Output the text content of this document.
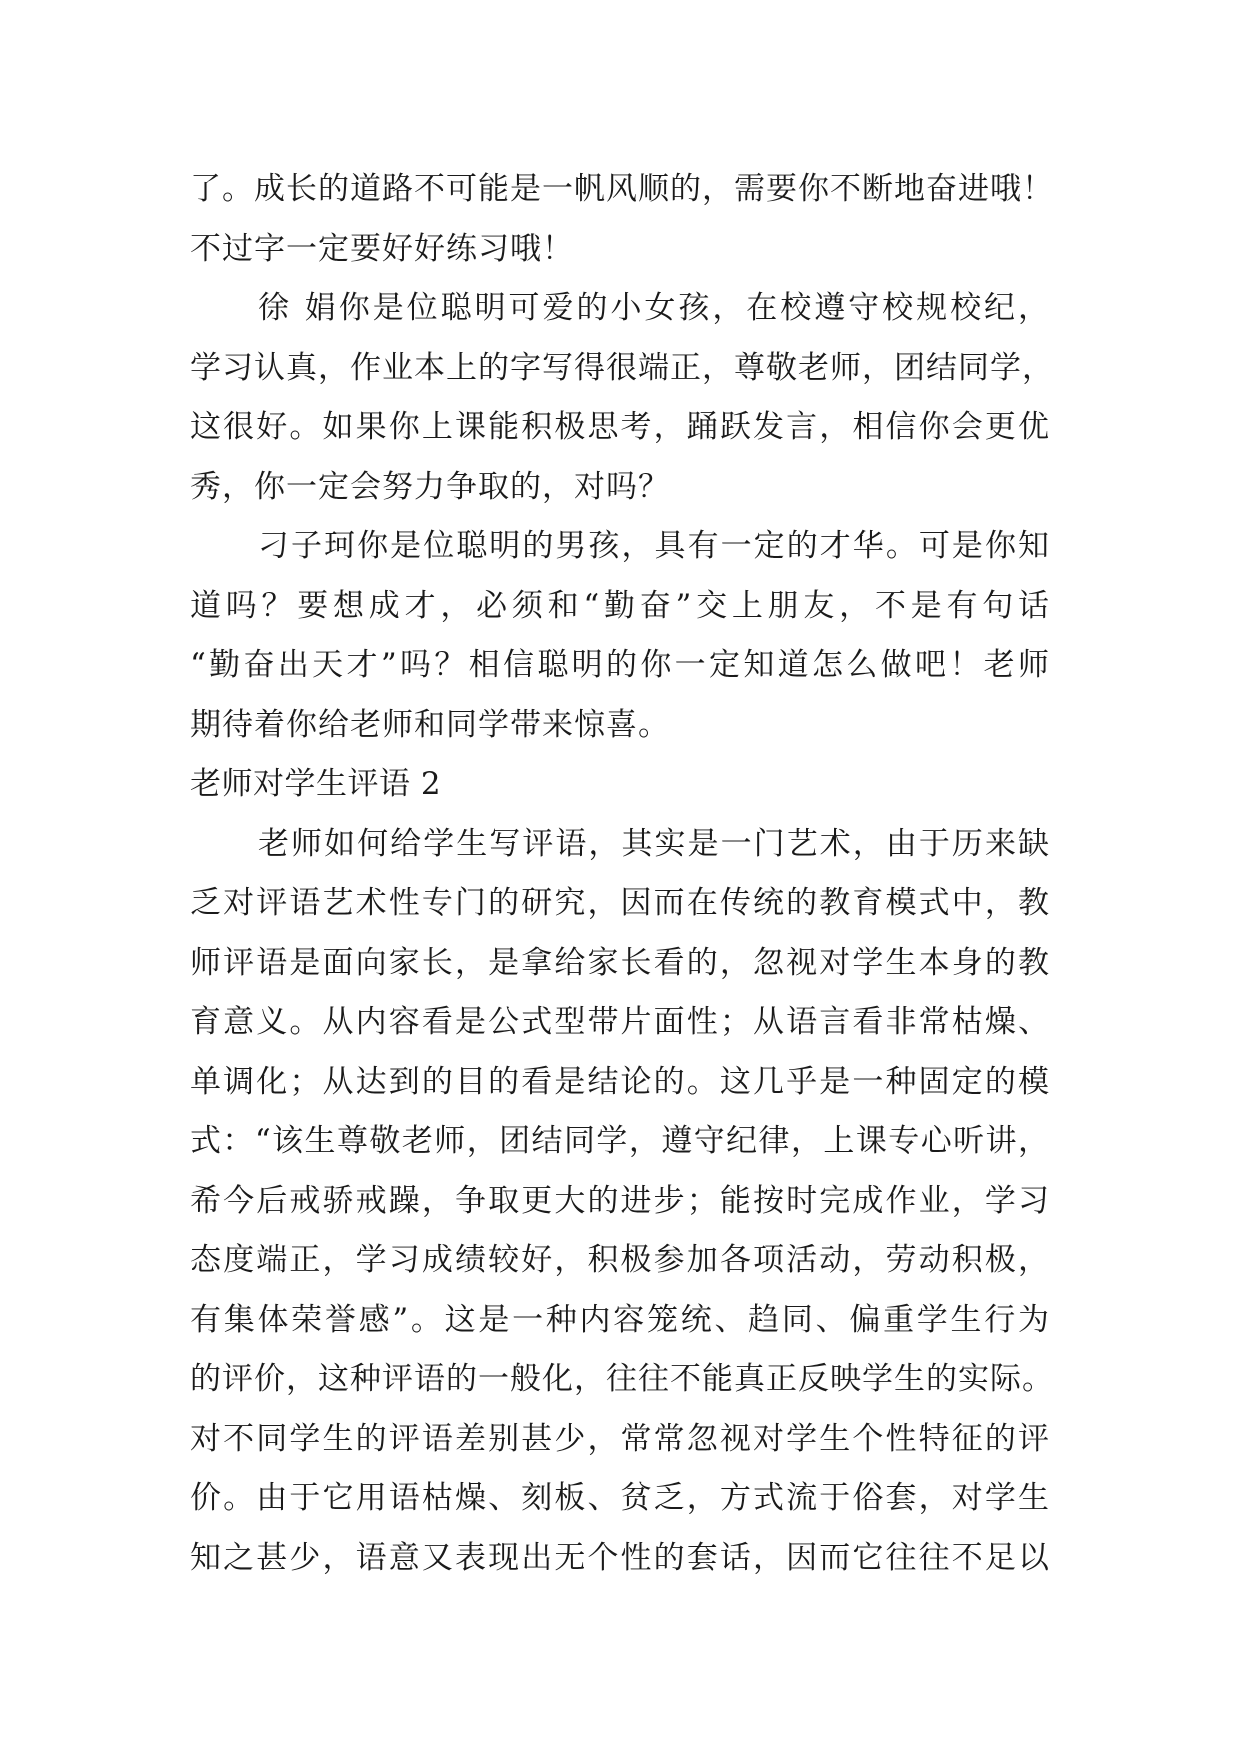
了。成长的道路不可能是一帆风顺的，需要你不断地奋进哦！
不过字一定要好好练习哦！
徐 娟你是位聪明可爱的小女孩，在校遵守校规校纪，
学习认真，作业本上的字写得很端正，尊敬老师，团结同学，
这很好。如果你上课能积极思考，踊跃发言，相信你会更优
秀，你一定会努力争取的，对吗？
刁子珂你是位聪明的男孩，具有一定的才华。可是你知
道吗？要想成才，必须和“勤奋”交上朋友，不是有句话
“勤奋出天才”吗？相信聪明的你一定知道怎么做吧！老师
期待着你给老师和同学带来惊喜。
老师对学生评语 2
老师如何给学生写评语，其实是一门艺术，由于历来缺
乏对评语艺术性专门的研究，因而在传统的教育模式中，教
师评语是面向家长，是拿给家长看的，忽视对学生本身的教
育意义。从内容看是公式型带片面性；从语言看非常枯燥、
单调化；从达到的目的看是结论的。这几乎是一种固定的模
式：“该生尊敬老师，团结同学，遵守纪律，上课专心听讲，
希今后戒骄戒躁，争取更大的进步；能按时完成作业，学习
态度端正，学习成绩较好，积极参加各项活动，劳动积极，
有集体荣誉感”。这是一种内容笼统、趋同、偏重学生行为
的评价，这种评语的一般化，往往不能真正反映学生的实际。
对不同学生的评语差别甚少，常常忽视对学生个性特征的评
价。由于它用语枯燥、刻板、贫乏，方式流于俗套，对学生
知之甚少，语意又表现出无个性的套话，因而它往往不足以
